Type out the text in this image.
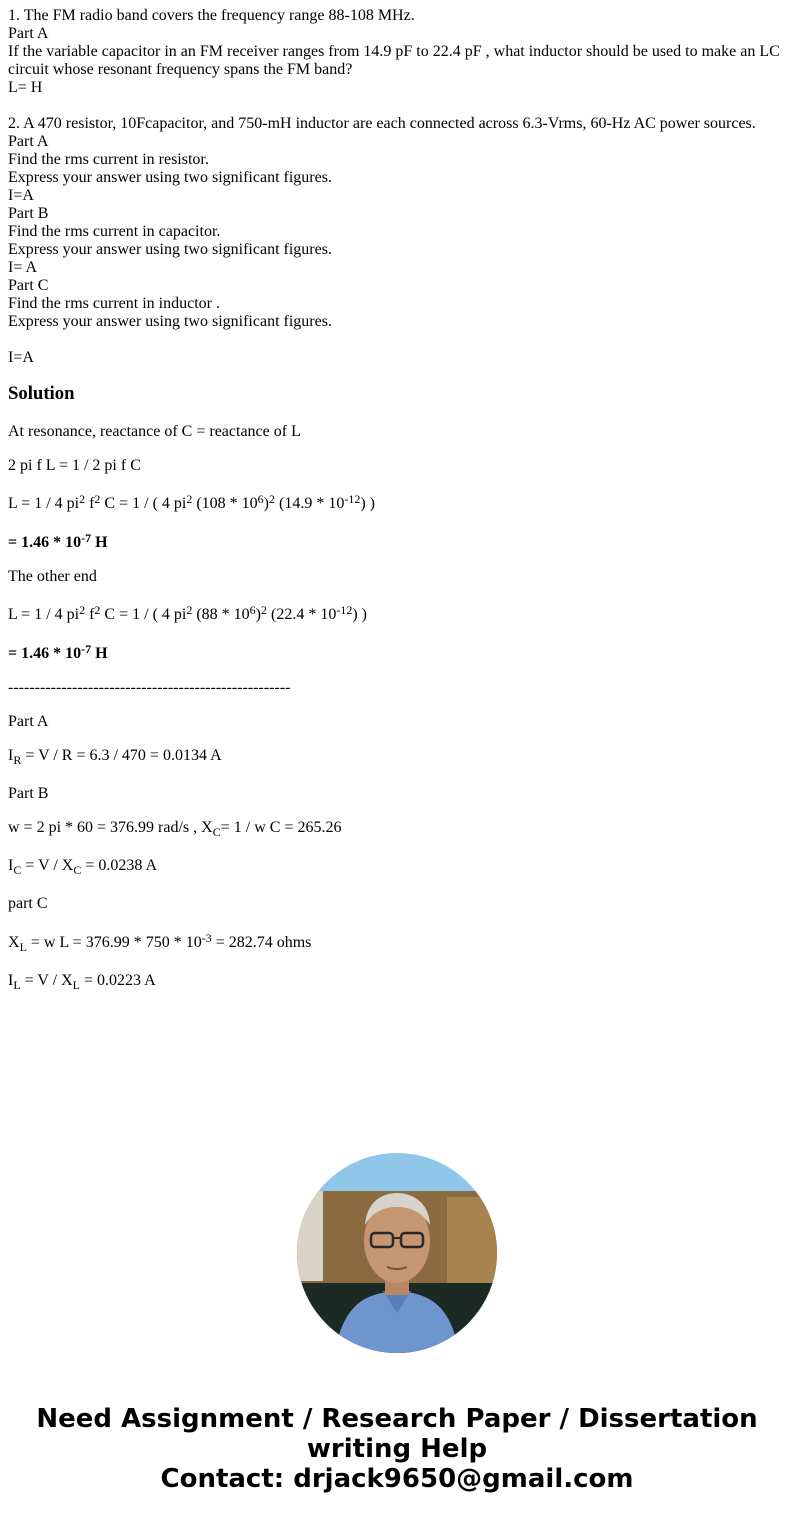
1. The FM radio band covers the frequency range 88-108 MHz.
Part A
If the variable capacitor in an FM receiver ranges from 14.9 pF to 22.4 pF , what inductor should be used to make an LC circuit whose resonant frequency spans the FM band?
L= H
2. A 470 resistor, 10Fcapacitor, and 750-mH inductor are each connected across 6.3-Vrms, 60-Hz AC power sources.
Part A
Find the rms current in resistor.
Express your answer using two significant figures.
I=A
Part B
Find the rms current in capacitor.
Express your answer using two significant figures.
I= A
Part C
Find the rms current in inductor .
Express your answer using two significant figures.
I=A
Solution
At resonance, reactance of C = reactance of L
2 pi f L = 1 / 2 pi f C
L = 1 / 4 $pi^2$ $f^2$ C = 1 / ( 4 $pi^2$ $(108 * 10^6)^2$ $(14.9 * 10^{-12})$ )
= $1.46 * 10^{-7}$ H
The other end
L = 1 / 4 $pi^2$ $f^2$ C = 1 / ( 4 $pi^2$ $(88 * 10^6)^2$ $(22.4 * 10^{-12})$ )
= $1.46 * 10^{-7}$ H
-----------------------------------------------------
Part A
$I_R = V / R = 6.3 / 470 = 0.0134$ A
Part B
w = 2 pi * 60 = 376.99 rad/s , $X_C= 1 / w$ C = 265.26
$I_C = V / X_C = 0.0238$ A
part C
$X_L = w$ $L = 376.99 * 750 * 10^{-3} = 282.74$ ohms
$I_L = V / X_L = 0.0223$ A
Need Assignment / Research Paper / Dissertation
writing Help
Contact: drjack9650@gmail.com
